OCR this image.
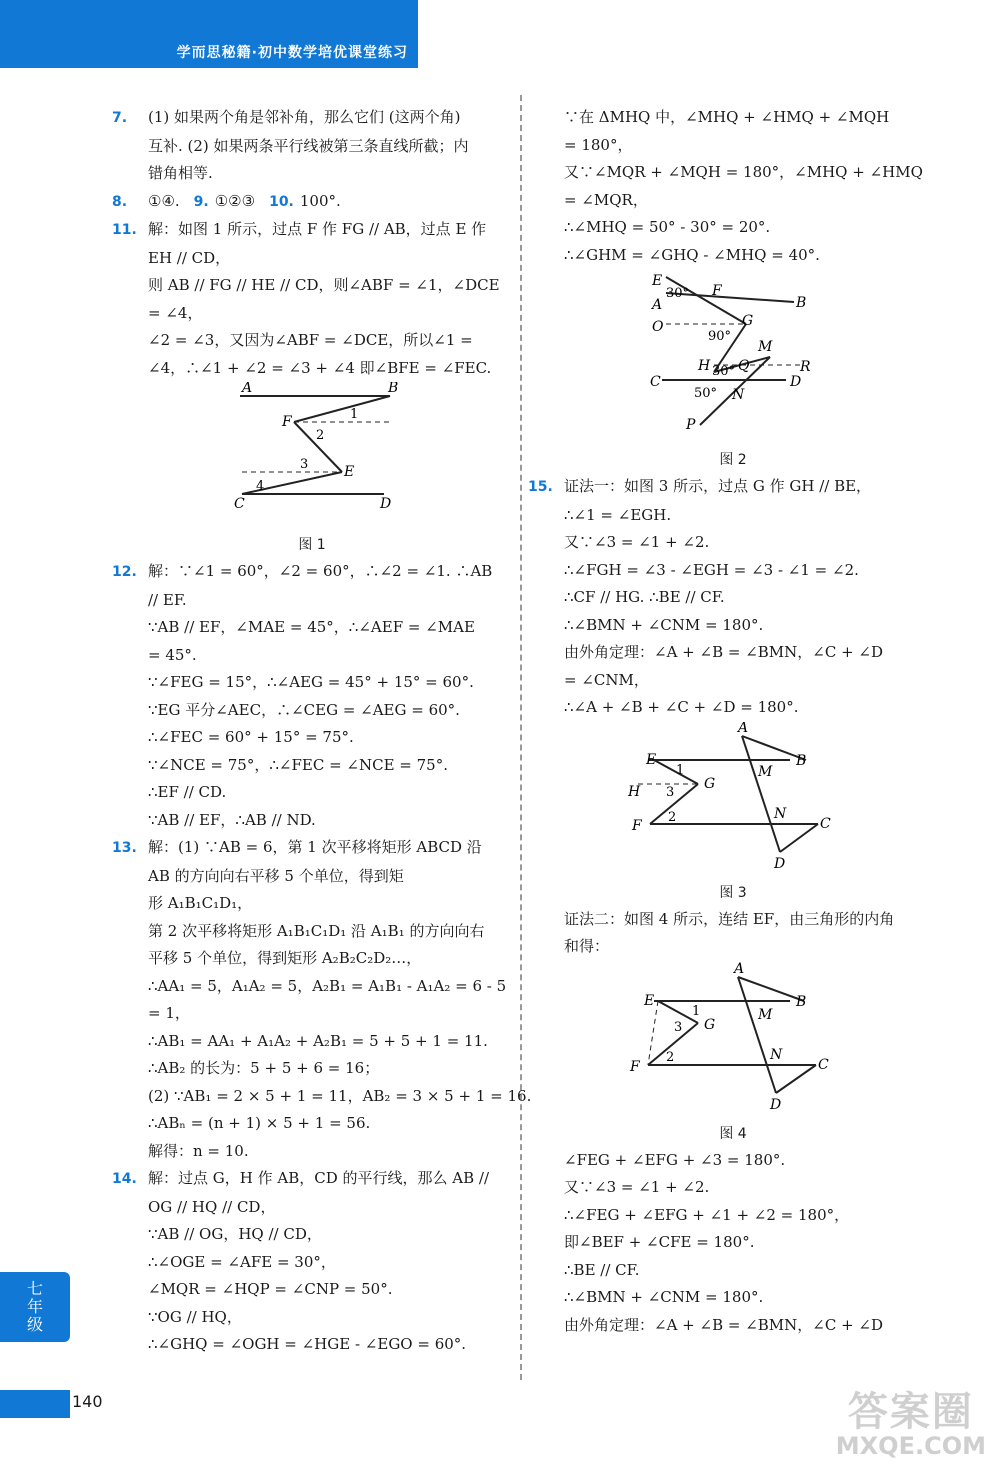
学而思秘籍·初中数学培优课堂练习
7. (1) 如果两个角是邻补角，那么它们 (这两个角)
互补. (2) 如果两条平行线被第三条直线所截；内
错角相等.
8. ①④. 9. ①②③ 10. 100°.
11. 解：如图 1 所示，过点 F 作 FG // AB，过点 E 作
EH // CD，
则 AB // FG // HE // CD，则∠ABF = ∠1，∠DCE
= ∠4，
∠2 = ∠3，又因为∠ABF = ∠DCE，所以∠1 =
∠4，∴∠1 + ∠2 = ∠3 + ∠4 即∠BFE = ∠FEC.
A	B
F
E
C	D
1
2
3
4
图 1
12. 解：∵∠1 = 60°，∠2 = 60°，∴∠2 = ∠1. ∴AB
// EF.
∵AB // EF，∠MAE = 45°，∴∠AEF = ∠MAE
= 45°.
∵∠FEG = 15°，∴∠AEG = 45° + 15° = 60°.
∵EG 平分∠AEC，∴∠CEG = ∠AEG = 60°.
∴∠FEC = 60° + 15° = 75°.
∵∠NCE = 75°，∴∠FEC = ∠NCE = 75°.
∴EF // CD.
∵AB // EF，∴AB // ND.
13. 解：(1) ∵AB = 6，第 1 次平移将矩形 ABCD 沿
AB 的方向向右平移 5 个单位，得到矩
形 A₁B₁C₁D₁，
第 2 次平移将矩形 A₁B₁C₁D₁ 沿 A₁B₁ 的方向向右
平移 5 个单位，得到矩形 A₂B₂C₂D₂…，
∴AA₁ = 5，A₁A₂ = 5，A₂B₁ = A₁B₁ - A₁A₂ = 6 - 5
= 1，
∴AB₁ = AA₁ + A₁A₂ + A₂B₁ = 5 + 5 + 1 = 11.
∴AB₂ 的长为：5 + 5 + 6 = 16；
(2) ∵AB₁ = 2 × 5 + 1 = 11，AB₂ = 3 × 5 + 1 = 16.
∴ABₙ = (n + 1) × 5 + 1 = 56.
解得：n = 10.
14. 解：过点 G，H 作 AB，CD 的平行线，那么 AB //
OG // HQ // CD，
∵AB // OG，HQ // CD，
∴∠OGE = ∠AFE = 30°，
∠MQR = ∠HQP = ∠CNP = 50°.
∵OG // HQ，
∴∠GHQ = ∠OGH = ∠HGE - ∠EGO = 60°.
∵在 ΔMHQ 中，∠MHQ + ∠HMQ + ∠MQH
= 180°，
又∵∠MQR + ∠MQH = 180°，∠MHQ + ∠HMQ
= ∠MQR，
∴∠MHQ = 50° - 30° = 20°.
∴∠GHM = ∠GHQ - ∠MHQ = 40°.
E
A
30° F
B
O	G
90°
M
H 30° Q	R
C	D
50° N
P
图 2
15. 证法一：如图 3 所示，过点 G 作 GH // BE，
∴∠1 = ∠EGH.
又∵∠3 = ∠1 + ∠2.
∴∠FGH = ∠3 - ∠EGH = ∠3 - ∠1 = ∠2.
∴CF // HG. ∴BE // CF.
∴∠BMN + ∠CNM = 180°.
由外角定理：∠A + ∠B = ∠BMN，∠C + ∠D
= ∠CNM，
∴∠A + ∠B + ∠C + ∠D = 180°.
A
E	B
M
H	G
1
3
2
F
N
C
D
图 3
证法二：如图 4 所示，连结 EF，由三角形的内角
和得：
A
E	B
M
G
1
3
2
F
N
C
D
图 4
∠FEG + ∠EFG + ∠3 = 180°.
又∵∠3 = ∠1 + ∠2.
∴∠FEG + ∠EFG + ∠1 + ∠2 = 180°，
即∠BEF + ∠CFE = 180°.
∴BE // CF.
∴∠BMN + ∠CNM = 180°.
由外角定理：∠A + ∠B = ∠BMN，∠C + ∠D
七
年
级
140	答案圈
MXQE.COM
